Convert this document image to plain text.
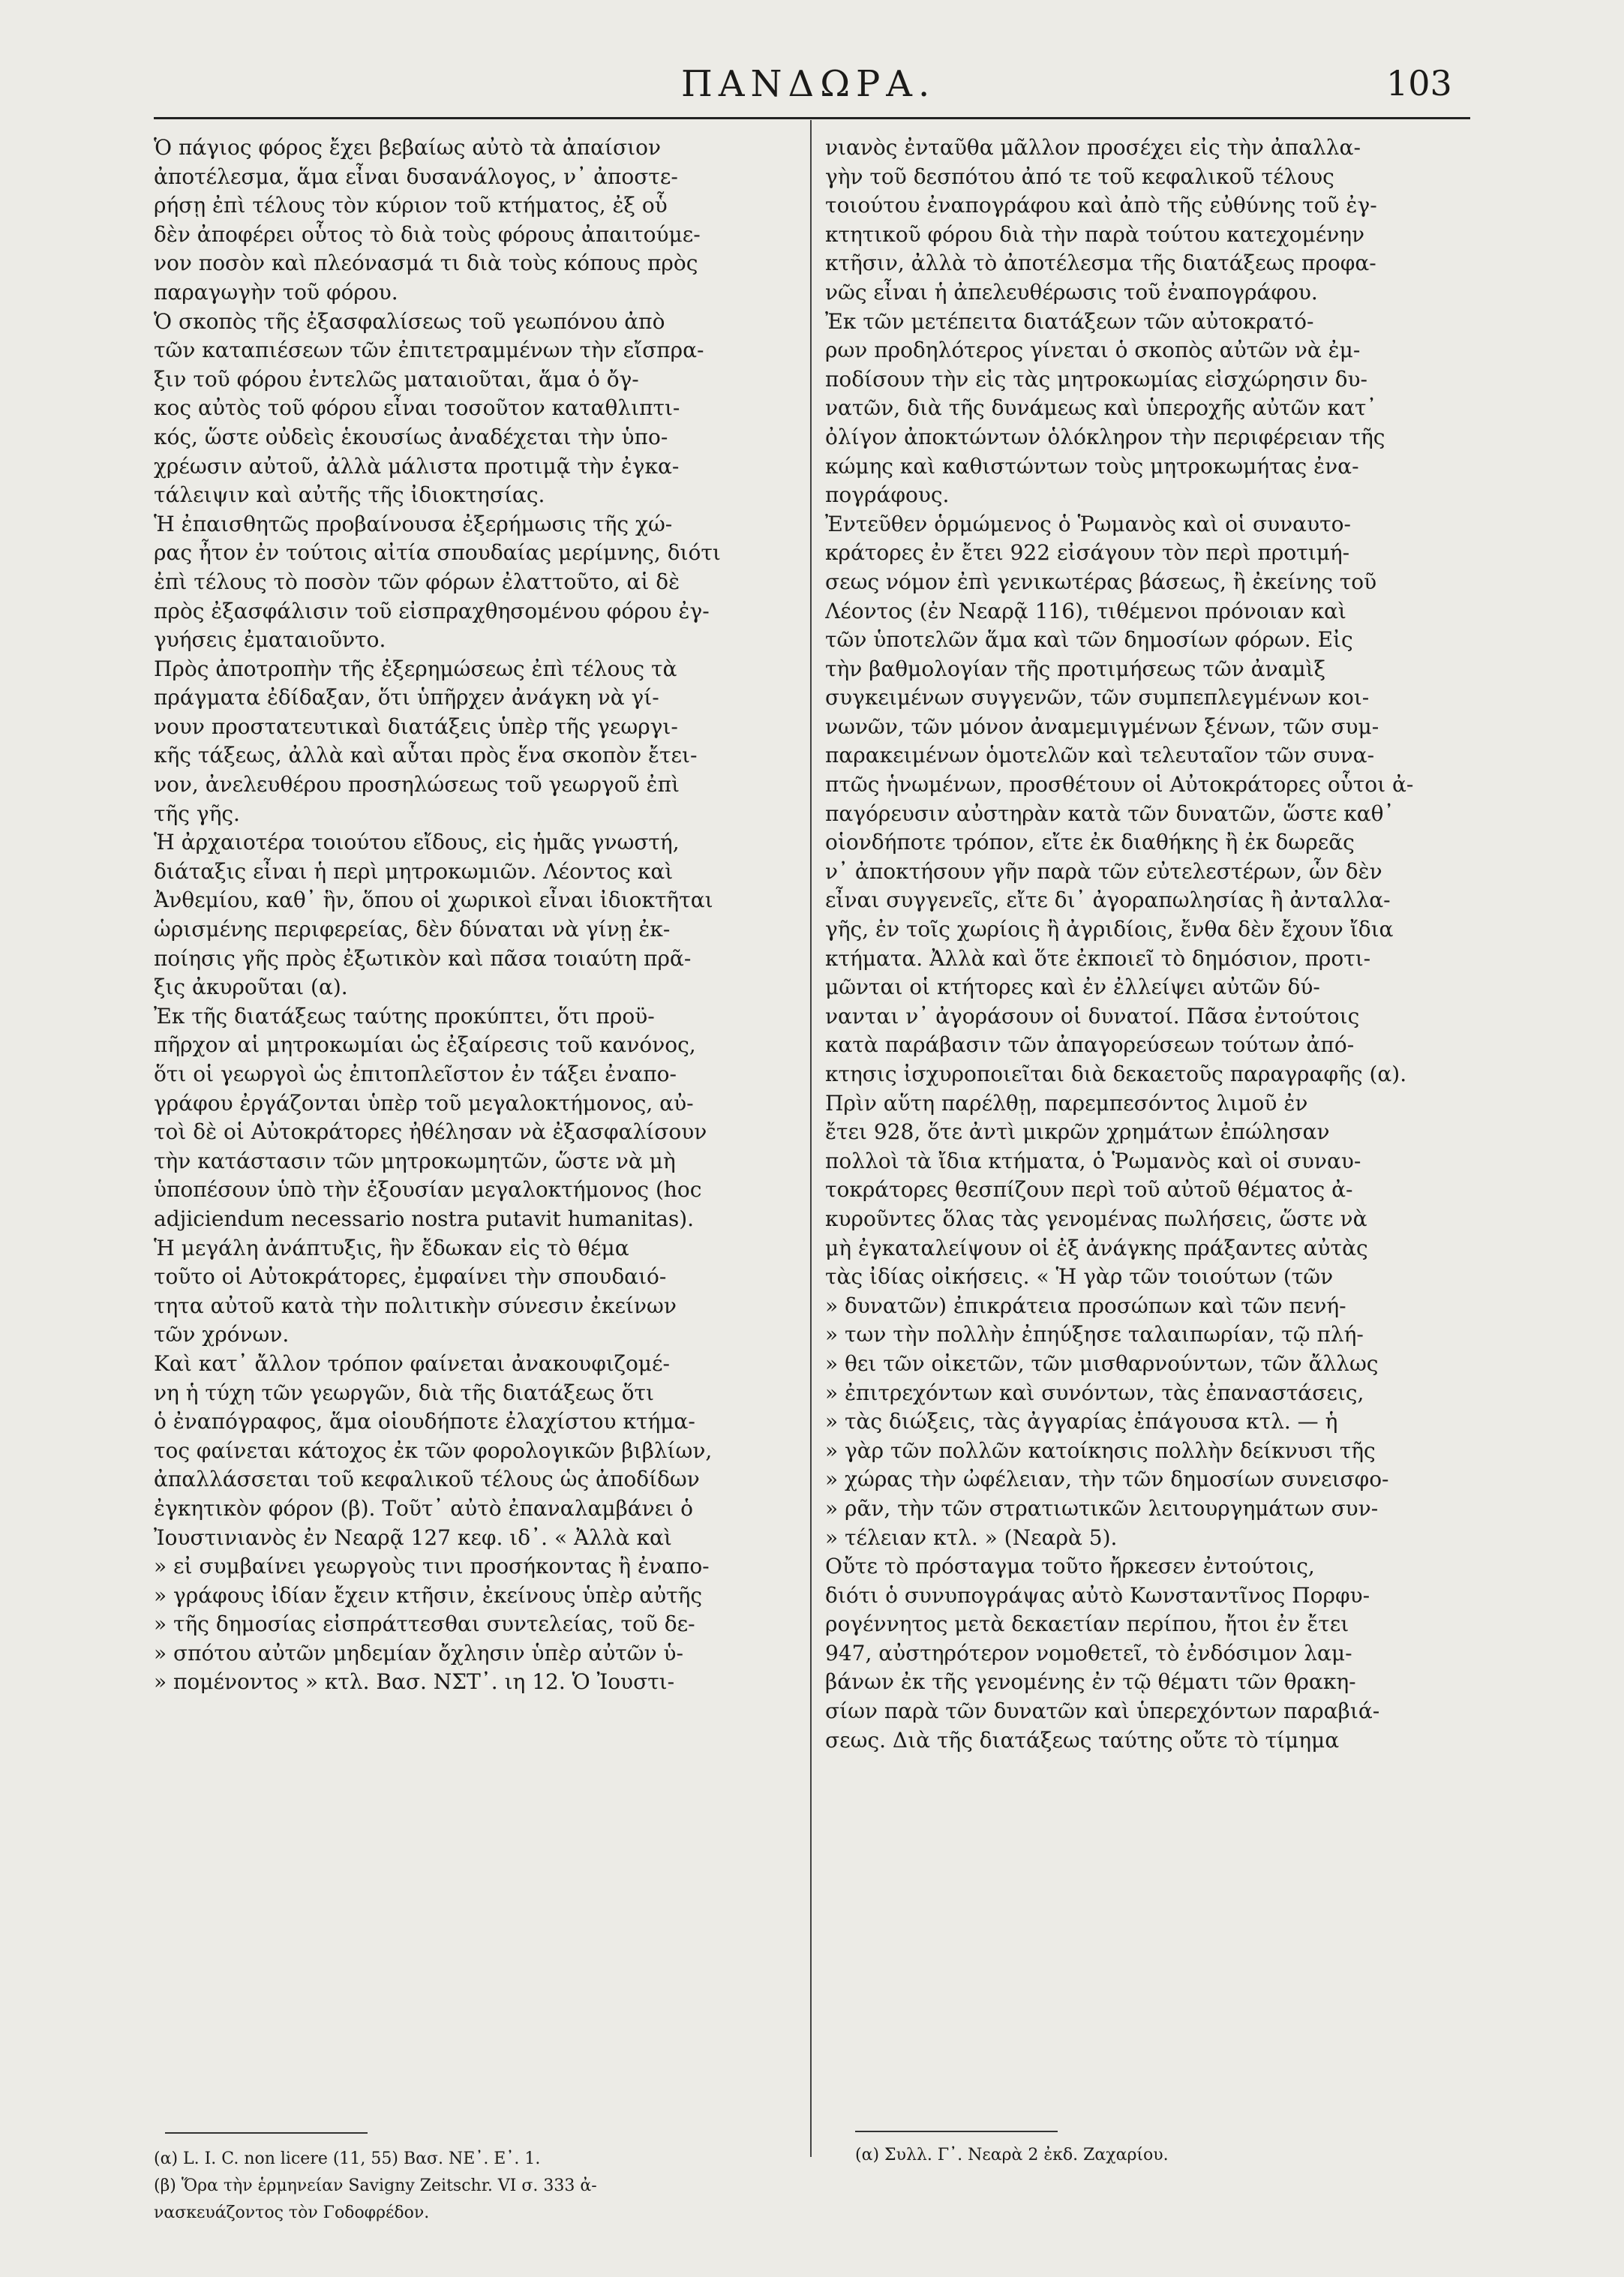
ΠΑΝΔΩΡΑ.	103
Ὁ πάγιος φόρος ἔχει βεβαίως αὐτὸ τὰ ἀπαίσιον
ἀποτέλεσμα, ἅμα εἶναι δυσανάλογος, ν᾽ ἀποστε-
ρήσῃ ἐπὶ τέλους τὸν κύριον τοῦ κτήματος, ἐξ οὗ
δὲν ἀποφέρει οὗτος τὸ διὰ τοὺς φόρους ἀπαιτούμε-
νον ποσὸν καὶ πλεόνασμά τι διὰ τοὺς κόπους πρὸς
παραγωγὴν τοῦ φόρου.
Ὁ σκοπὸς τῆς ἐξασφαλίσεως τοῦ γεωπόνου ἀπὸ
τῶν καταπιέσεων τῶν ἐπιτετραμμένων τὴν εἴσπρα-
ξιν τοῦ φόρου ἐντελῶς ματαιοῦται, ἅμα ὁ ὄγ-
κος αὐτὸς τοῦ φόρου εἶναι τοσοῦτον καταθλιπτι-
κός, ὥστε οὐδεὶς ἑκουσίως ἀναδέχεται τὴν ὑπο-
χρέωσιν αὐτοῦ, ἀλλὰ μάλιστα προτιμᾷ τὴν ἐγκα-
τάλειψιν καὶ αὐτῆς τῆς ἰδιοκτησίας.
Ἡ ἐπαισθητῶς προβαίνουσα ἐξερήμωσις τῆς χώ-
ρας ἦτον ἐν τούτοις αἰτία σπουδαίας μερίμνης, διότι
ἐπὶ τέλους τὸ ποσὸν τῶν φόρων ἐλαττοῦτο, αἱ δὲ
πρὸς ἐξασφάλισιν τοῦ εἰσπραχθησομένου φόρου ἐγ-
γυήσεις ἐματαιοῦντο.
Πρὸς ἀποτροπὴν τῆς ἐξερημώσεως ἐπὶ τέλους τὰ
πράγματα ἐδίδαξαν, ὅτι ὑπῆρχεν ἀνάγκη νὰ γί-
νουν προστατευτικαὶ διατάξεις ὑπὲρ τῆς γεωργι-
κῆς τάξεως, ἀλλὰ καὶ αὗται πρὸς ἕνα σκοπὸν ἔτει-
νον, ἀνελευθέρου προσηλώσεως τοῦ γεωργοῦ ἐπὶ
τῆς γῆς.
Ἡ ἀρχαιοτέρα τοιούτου εἴδους, εἰς ἡμᾶς γνωστή,
διάταξις εἶναι ἡ περὶ μητροκωμιῶν. Λέοντος καὶ
Ἀνθεμίου, καθ᾽ ἣν, ὅπου οἱ χωρικοὶ εἶναι ἰδιοκτῆται
ὡρισμένης περιφερείας, δὲν δύναται νὰ γίνῃ ἐκ-
ποίησις γῆς πρὸς ἐξωτικὸν καὶ πᾶσα τοιαύτη πρᾶ-
ξις ἀκυροῦται (α).
Ἐκ τῆς διατάξεως ταύτης προκύπτει, ὅτι προϋ-
πῆρχον αἱ μητροκωμίαι ὡς ἐξαίρεσις τοῦ κανόνος,
ὅτι οἱ γεωργοὶ ὡς ἐπιτοπλεῖστον ἐν τάξει ἐναπο-
γράφου ἐργάζονται ὑπὲρ τοῦ μεγαλοκτήμονος, αὐ-
τοὶ δὲ οἱ Αὐτοκράτορες ἠθέλησαν νὰ ἐξασφαλίσουν
τὴν κατάστασιν τῶν μητροκωμητῶν, ὥστε νὰ μὴ
ὑποπέσουν ὑπὸ τὴν ἐξουσίαν μεγαλοκτήμονος (hoc
adjiciendum necessario nostra putavit humanitas).
Ἡ μεγάλη ἀνάπτυξις, ἣν ἔδωκαν εἰς τὸ θέμα
τοῦτο οἱ Αὐτοκράτορες, ἐμφαίνει τὴν σπουδαιό-
τητα αὐτοῦ κατὰ τὴν πολιτικὴν σύνεσιν ἐκείνων
τῶν χρόνων.
Καὶ κατ᾽ ἄλλον τρόπον φαίνεται ἀνακουφιζομέ-
νη ἡ τύχη τῶν γεωργῶν, διὰ τῆς διατάξεως ὅτι
ὁ ἐναπόγραφος, ἅμα οἱουδήποτε ἐλαχίστου κτήμα-
τος φαίνεται κάτοχος ἐκ τῶν φορολογικῶν βιβλίων,
ἀπαλλάσσεται τοῦ κεφαλικοῦ τέλους ὡς ἀποδίδων
ἐγκητικὸν φόρον (β). Τοῦτ᾽ αὐτὸ ἐπαναλαμβάνει ὁ
Ἰουστινιανὸς ἐν Νεαρᾷ 127 κεφ. ιδ᾽. « Ἀλλὰ καὶ
» εἰ συμβαίνει γεωργοὺς τινι προσήκοντας ἢ ἐναπο-
» γράφους ἰδίαν ἔχειν κτῆσιν, ἐκείνους ὑπὲρ αὐτῆς
» τῆς δημοσίας εἰσπράττεσθαι συντελείας, τοῦ δε-
» σπότου αὐτῶν μηδεμίαν ὄχλησιν ὑπὲρ αὐτῶν ὑ-
» πομένοντος » κτλ. Βασ. ΝΣΤ᾽. ιη 12. Ὁ Ἰουστι-
νιανὸς ἐνταῦθα μᾶλλον προσέχει εἰς τὴν ἀπαλλα-
γὴν τοῦ δεσπότου ἀπό τε τοῦ κεφαλικοῦ τέλους
τοιούτου ἐναπογράφου καὶ ἀπὸ τῆς εὐθύνης τοῦ ἐγ-
κτητικοῦ φόρου διὰ τὴν παρὰ τούτου κατεχομένην
κτῆσιν, ἀλλὰ τὸ ἀποτέλεσμα τῆς διατάξεως προφα-
νῶς εἶναι ἡ ἀπελευθέρωσις τοῦ ἐναπογράφου.
Ἐκ τῶν μετέπειτα διατάξεων τῶν αὐτοκρατό-
ρων προδηλότερος γίνεται ὁ σκοπὸς αὐτῶν νὰ ἐμ-
ποδίσουν τὴν εἰς τὰς μητροκωμίας εἰσχώρησιν δυ-
νατῶν, διὰ τῆς δυνάμεως καὶ ὑπεροχῆς αὐτῶν κατ᾽
ὀλίγον ἀποκτώντων ὁλόκληρον τὴν περιφέρειαν τῆς
κώμης καὶ καθιστώντων τοὺς μητροκωμήτας ἐνα-
πογράφους.
Ἐντεῦθεν ὁρμώμενος ὁ Ῥωμανὸς καὶ οἱ συναυτο-
κράτορες ἐν ἔτει 922 εἰσάγουν τὸν περὶ προτιμή-
σεως νόμον ἐπὶ γενικωτέρας βάσεως, ἢ ἐκείνης τοῦ
Λέοντος (ἐν Νεαρᾷ 116), τιθέμενοι πρόνοιαν καὶ
τῶν ὑποτελῶν ἅμα καὶ τῶν δημοσίων φόρων. Εἰς
τὴν βαθμολογίαν τῆς προτιμήσεως τῶν ἀναμὶξ
συγκειμένων συγγενῶν, τῶν συμπεπλεγμένων κοι-
νωνῶν, τῶν μόνον ἀναμεμιγμένων ξένων, τῶν συμ-
παρακειμένων ὁμοτελῶν καὶ τελευταῖον τῶν συνα-
πτῶς ἡνωμένων, προσθέτουν οἱ Αὐτοκράτορες οὗτοι ἀ-
παγόρευσιν αὐστηρὰν κατὰ τῶν δυνατῶν, ὥστε καθ᾽
οἱονδήποτε τρόπον, εἴτε ἐκ διαθήκης ἢ ἐκ δωρεᾶς
ν᾽ ἀποκτήσουν γῆν παρὰ τῶν εὐτελεστέρων, ὧν δὲν
εἶναι συγγενεῖς, εἴτε δι᾽ ἀγοραπωλησίας ἢ ἀνταλλα-
γῆς, ἐν τοῖς χωρίοις ἢ ἀγριδίοις, ἔνθα δὲν ἔχουν ἴδια
κτήματα. Ἀλλὰ καὶ ὅτε ἐκποιεῖ τὸ δημόσιον, προτι-
μῶνται οἱ κτήτορες καὶ ἐν ἐλλείψει αὐτῶν δύ-
νανται ν᾽ ἀγοράσουν οἱ δυνατοί. Πᾶσα ἐντούτοις
κατὰ παράβασιν τῶν ἀπαγορεύσεων τούτων ἀπό-
κτησις ἰσχυροποιεῖται διὰ δεκαετοῦς παραγραφῆς (α).
Πρὶν αὕτη παρέλθῃ, παρεμπεσόντος λιμοῦ ἐν
ἔτει 928, ὅτε ἀντὶ μικρῶν χρημάτων ἐπώλησαν
πολλοὶ τὰ ἴδια κτήματα, ὁ Ῥωμανὸς καὶ οἱ συναυ-
τοκράτορες θεσπίζουν περὶ τοῦ αὐτοῦ θέματος ἀ-
κυροῦντες ὅλας τὰς γενομένας πωλήσεις, ὥστε νὰ
μὴ ἐγκαταλείψουν οἱ ἐξ ἀνάγκης πράξαντες αὐτὰς
τὰς ἰδίας οἰκήσεις. « Ἡ γὰρ τῶν τοιούτων (τῶν
» δυνατῶν) ἐπικράτεια προσώπων καὶ τῶν πενή-
» των τὴν πολλὴν ἐπηύξησε ταλαιπωρίαν, τῷ πλή-
» θει τῶν οἰκετῶν, τῶν μισθαρνούντων, τῶν ἄλλως
» ἐπιτρεχόντων καὶ συνόντων, τὰς ἐπαναστάσεις,
» τὰς διώξεις, τὰς ἀγγαρίας ἐπάγουσα κτλ. — ἡ
» γὰρ τῶν πολλῶν κατοίκησις πολλὴν δείκνυσι τῆς
» χώρας τὴν ὠφέλειαν, τὴν τῶν δημοσίων συνεισφο-
» ρᾶν, τὴν τῶν στρατιωτικῶν λειτουργημάτων συν-
» τέλειαν κτλ. » (Νεαρὰ 5).
Οὔτε τὸ πρόσταγμα τοῦτο ἤρκεσεν ἐντούτοις,
διότι ὁ συνυπογράψας αὐτὸ Κωνσταντῖνος Πορφυ-
ρογέννητος μετὰ δεκαετίαν περίπου, ἤτοι ἐν ἔτει
947, αὐστηρότερον νομοθετεῖ, τὸ ἐνδόσιμον λαμ-
βάνων ἐκ τῆς γενομένης ἐν τῷ θέματι τῶν θρακη-
σίων παρὰ τῶν δυνατῶν καὶ ὑπερεχόντων παραβιά-
σεως. Διὰ τῆς διατάξεως ταύτης οὔτε τὸ τίμημα
(α) L. I. C. non licere (11, 55) Βασ. ΝΕ᾽. Ε᾽. 1.
(β) Ὅρα τὴν ἑρμηνείαν Savigny Zeitschr. VI σ. 333 ἀ-
νασκευάζοντος τὸν Γοδοφρέδον.
(α) Συλλ. Γ᾽. Νεαρὰ 2 ἐκδ. Ζαχαρίου.
